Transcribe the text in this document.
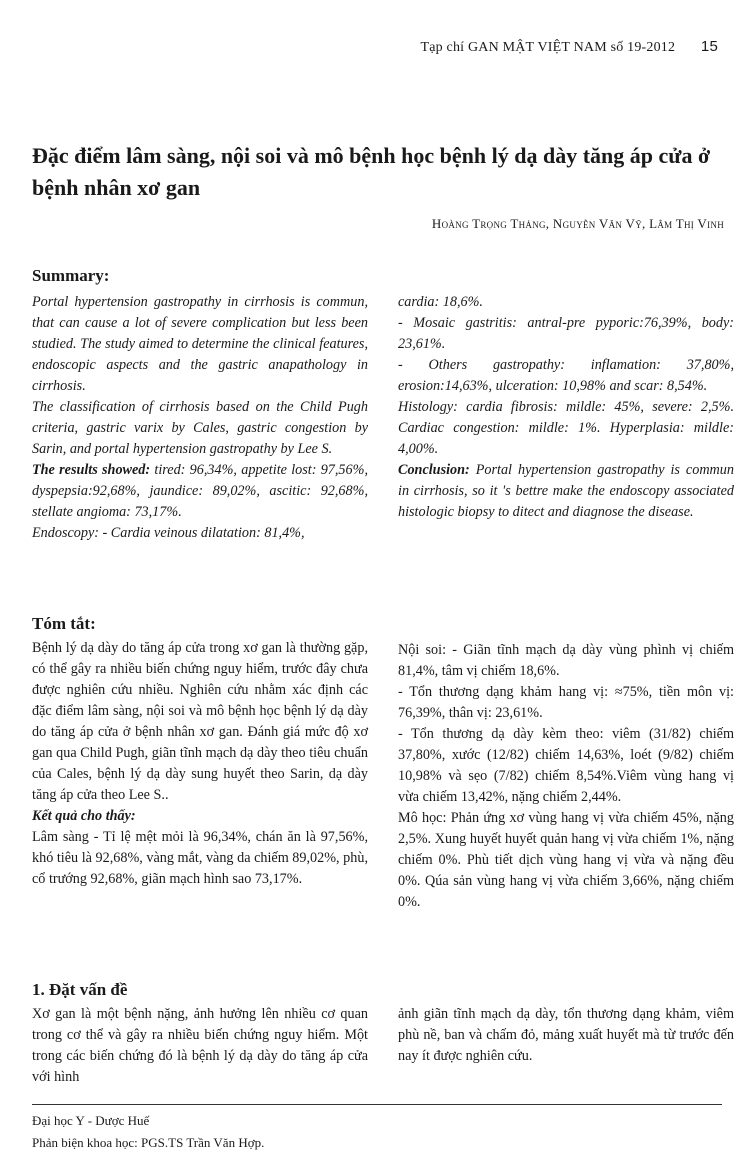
Tạp chí GAN MẬT VIỆT NAM số 19-2012 15
Đặc điểm lâm sàng, nội soi và mô bệnh học bệnh lý dạ dày tăng áp cửa ở bệnh nhân xơ gan
Hoàng Trọng Thảng, Nguyễn Văn Vỹ, Lâm Thị Vinh
Summary:

Portal hypertension gastropathy in cirrhosis is commun, that can cause a lot of severe complication but less been studied. The study aimed to determine the clinical features, endoscopic aspects and the gastric anapathology in cirrhosis.

The classification of cirrhosis based on the Child Pugh criteria, gastric varix by Cales, gastric congestion by Sarin, and portal hypertension gastropathy by Lee S.

The results showed: tired: 96,34%, appetite lost: 97,56%, dyspepsia:92,68%, jaundice: 89,02%, ascitic: 92,68%, stellate angioma: 73,17%.

Endoscopy: - Cardia veinous dilatation: 81,4%,

cardia: 18,6%.

- Mosaic gastritis: antral-pre pyporic:76,39%, body: 23,61%.

- Others gastropathy: inflamation: 37,80%, erosion:14,63%, ulceration: 10,98% and scar: 8,54%.

Histology: cardia fibrosis: mildle: 45%, severe: 2,5%. Cardiac congestion: mildle: 1%. Hyperplasia: mildle: 4,00%.

Conclusion: Portal hypertension gastropathy is commun in cirrhosis, so it 's bettre make the endoscopy associated histologic biopsy to ditect and diagnose the disease.

Tóm tắt:

Bệnh lý dạ dày do tăng áp cửa trong xơ gan là thường gặp, có thể gây ra nhiều biến chứng nguy hiểm, trước đây chưa được nghiên cứu nhiều. Nghiên cứu nhằm xác định các đặc điểm lâm sàng, nội soi và mô bệnh học bệnh lý dạ dày do tăng áp cửa ở bệnh nhân xơ gan. Đánh giá mức độ xơ gan qua Child Pugh, giãn tĩnh mạch dạ dày theo tiêu chuẩn của Cales, bệnh lý dạ dày sung huyết theo Sarin, dạ dày tăng áp cửa theo Lee S..

Kết quả cho thấy:

Lâm sàng - Tỉ lệ mệt mỏi là 96,34%, chán ăn là 97,56%, khó tiêu là 92,68%, vàng mắt, vàng da chiếm 89,02%, phù, cổ trướng 92,68%, giãn mạch hình sao 73,17%.

Nội soi: - Giãn tĩnh mạch dạ dày vùng phình vị chiếm 81,4%, tâm vị chiếm 18,6%.

- Tổn thương dạng khảm hang vị: ≈75%, tiền môn vị: 76,39%, thân vị: 23,61%.

- Tổn thương dạ dày kèm theo: viêm (31/82) chiếm 37,80%, xước (12/82) chiếm 14,63%, loét (9/82) chiếm 10,98% và sẹo (7/82) chiếm 8,54%.Viêm vùng hang vị vừa chiếm 13,42%, nặng chiếm 2,44%.

Mô học: Phản ứng xơ vùng hang vị vừa chiếm 45%, nặng 2,5%. Xung huyết huyết quản hang vị vừa chiếm 1%, nặng chiếm 0%. Phù tiết dịch vùng hang vị vừa và nặng đều 0%. Qúa sản vùng hang vị vừa chiếm 3,66%, nặng chiếm 0%.

1. Đặt vấn đề

Xơ gan là một bệnh nặng, ảnh hưởng lên nhiều cơ quan trong cơ thể và gây ra nhiều biến chứng nguy hiểm. Một trong các biến chứng đó là bệnh lý dạ dày do tăng áp cửa với hình

ảnh giãn tĩnh mạch dạ dày, tổn thương dạng khảm, viêm phù nề, ban và chấm đỏ, mảng xuất huyết mà từ trước đến nay ít được nghiên cứu.

Đại học Y - Dược Huế
Phản biện khoa học: PGS.TS Trần Văn Hợp.
